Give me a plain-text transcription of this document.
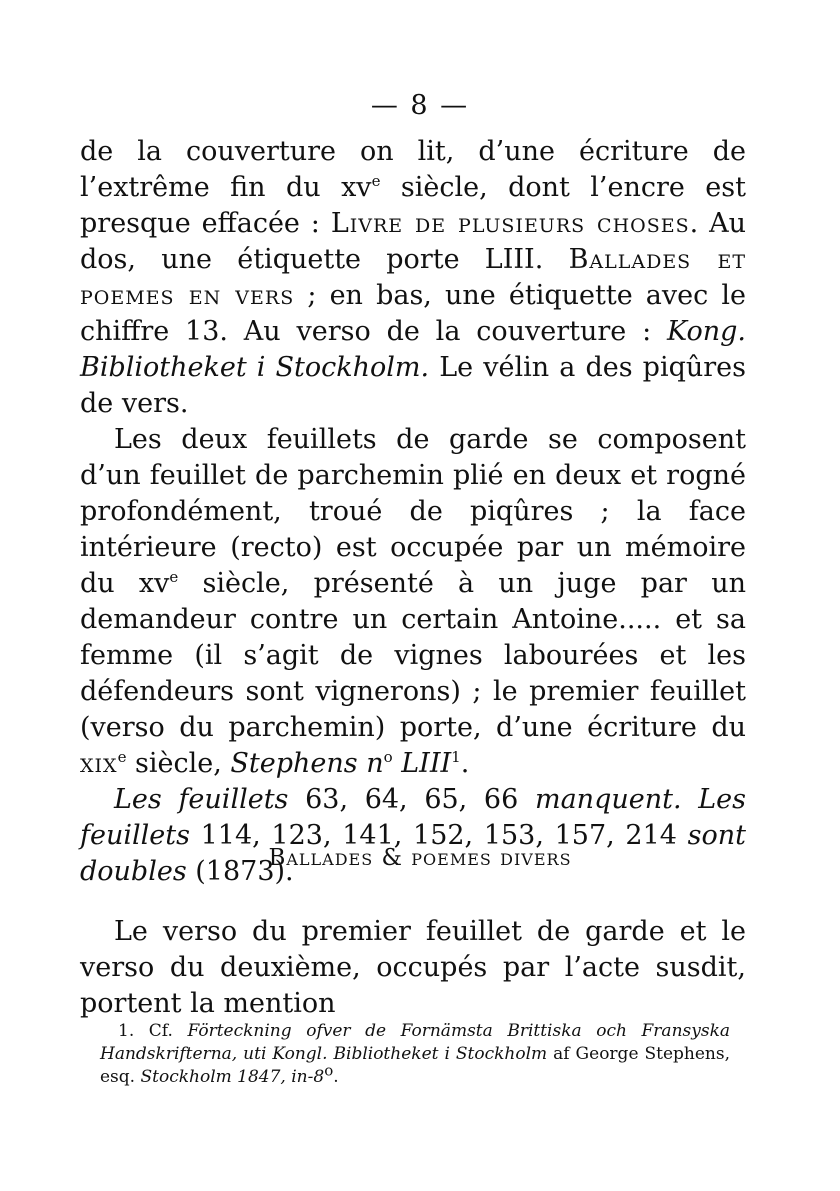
— 8 —

de la couverture on lit, d’une écriture de l’extrême fin du $xv^e$ siècle, dont l’encre est presque effacée : Livre de plusieurs choses. Au dos, une étiquette porte LIII. Ballades et poemes en vers ; en bas, une étiquette avec le chiffre 13. Au verso de la couverture : Kong. Bibliotheket i Stockholm. Le vélin a des piqûres de vers.

Les deux feuillets de garde se composent d’un feuillet de parchemin plié en deux et rogné profondément, troué de piqûres ; la face intérieure (recto) est occupée par un mémoire du $xv^e$ siècle, présenté à un juge par un demandeur contre un certain Antoine..... et sa femme (il s’agit de vignes labourées et les défendeurs sont vignerons) ; le premier feuillet (verso du parchemin) porte, d’une écriture du xix$^e$ siècle, Stephens $n^o$ LIII$^1$.

Les feuillets 63, 64, 65, 66 manquent. Les feuillets 114, 123, 141, 152, 153, 157, 214 sont doubles (1873).

Ballades & poemes divers

Le verso du premier feuillet de garde et le verso du deuxième, occupés par l’acte susdit, portent la mention

1. Cf. Förteckning ofver de Fornämsta Brittiska och Fransyska Handskrifterna, uti Kongl. Bibliotheket i Stockholm af George Stephens, esq. Stockholm 1847, in-8$^o$.
